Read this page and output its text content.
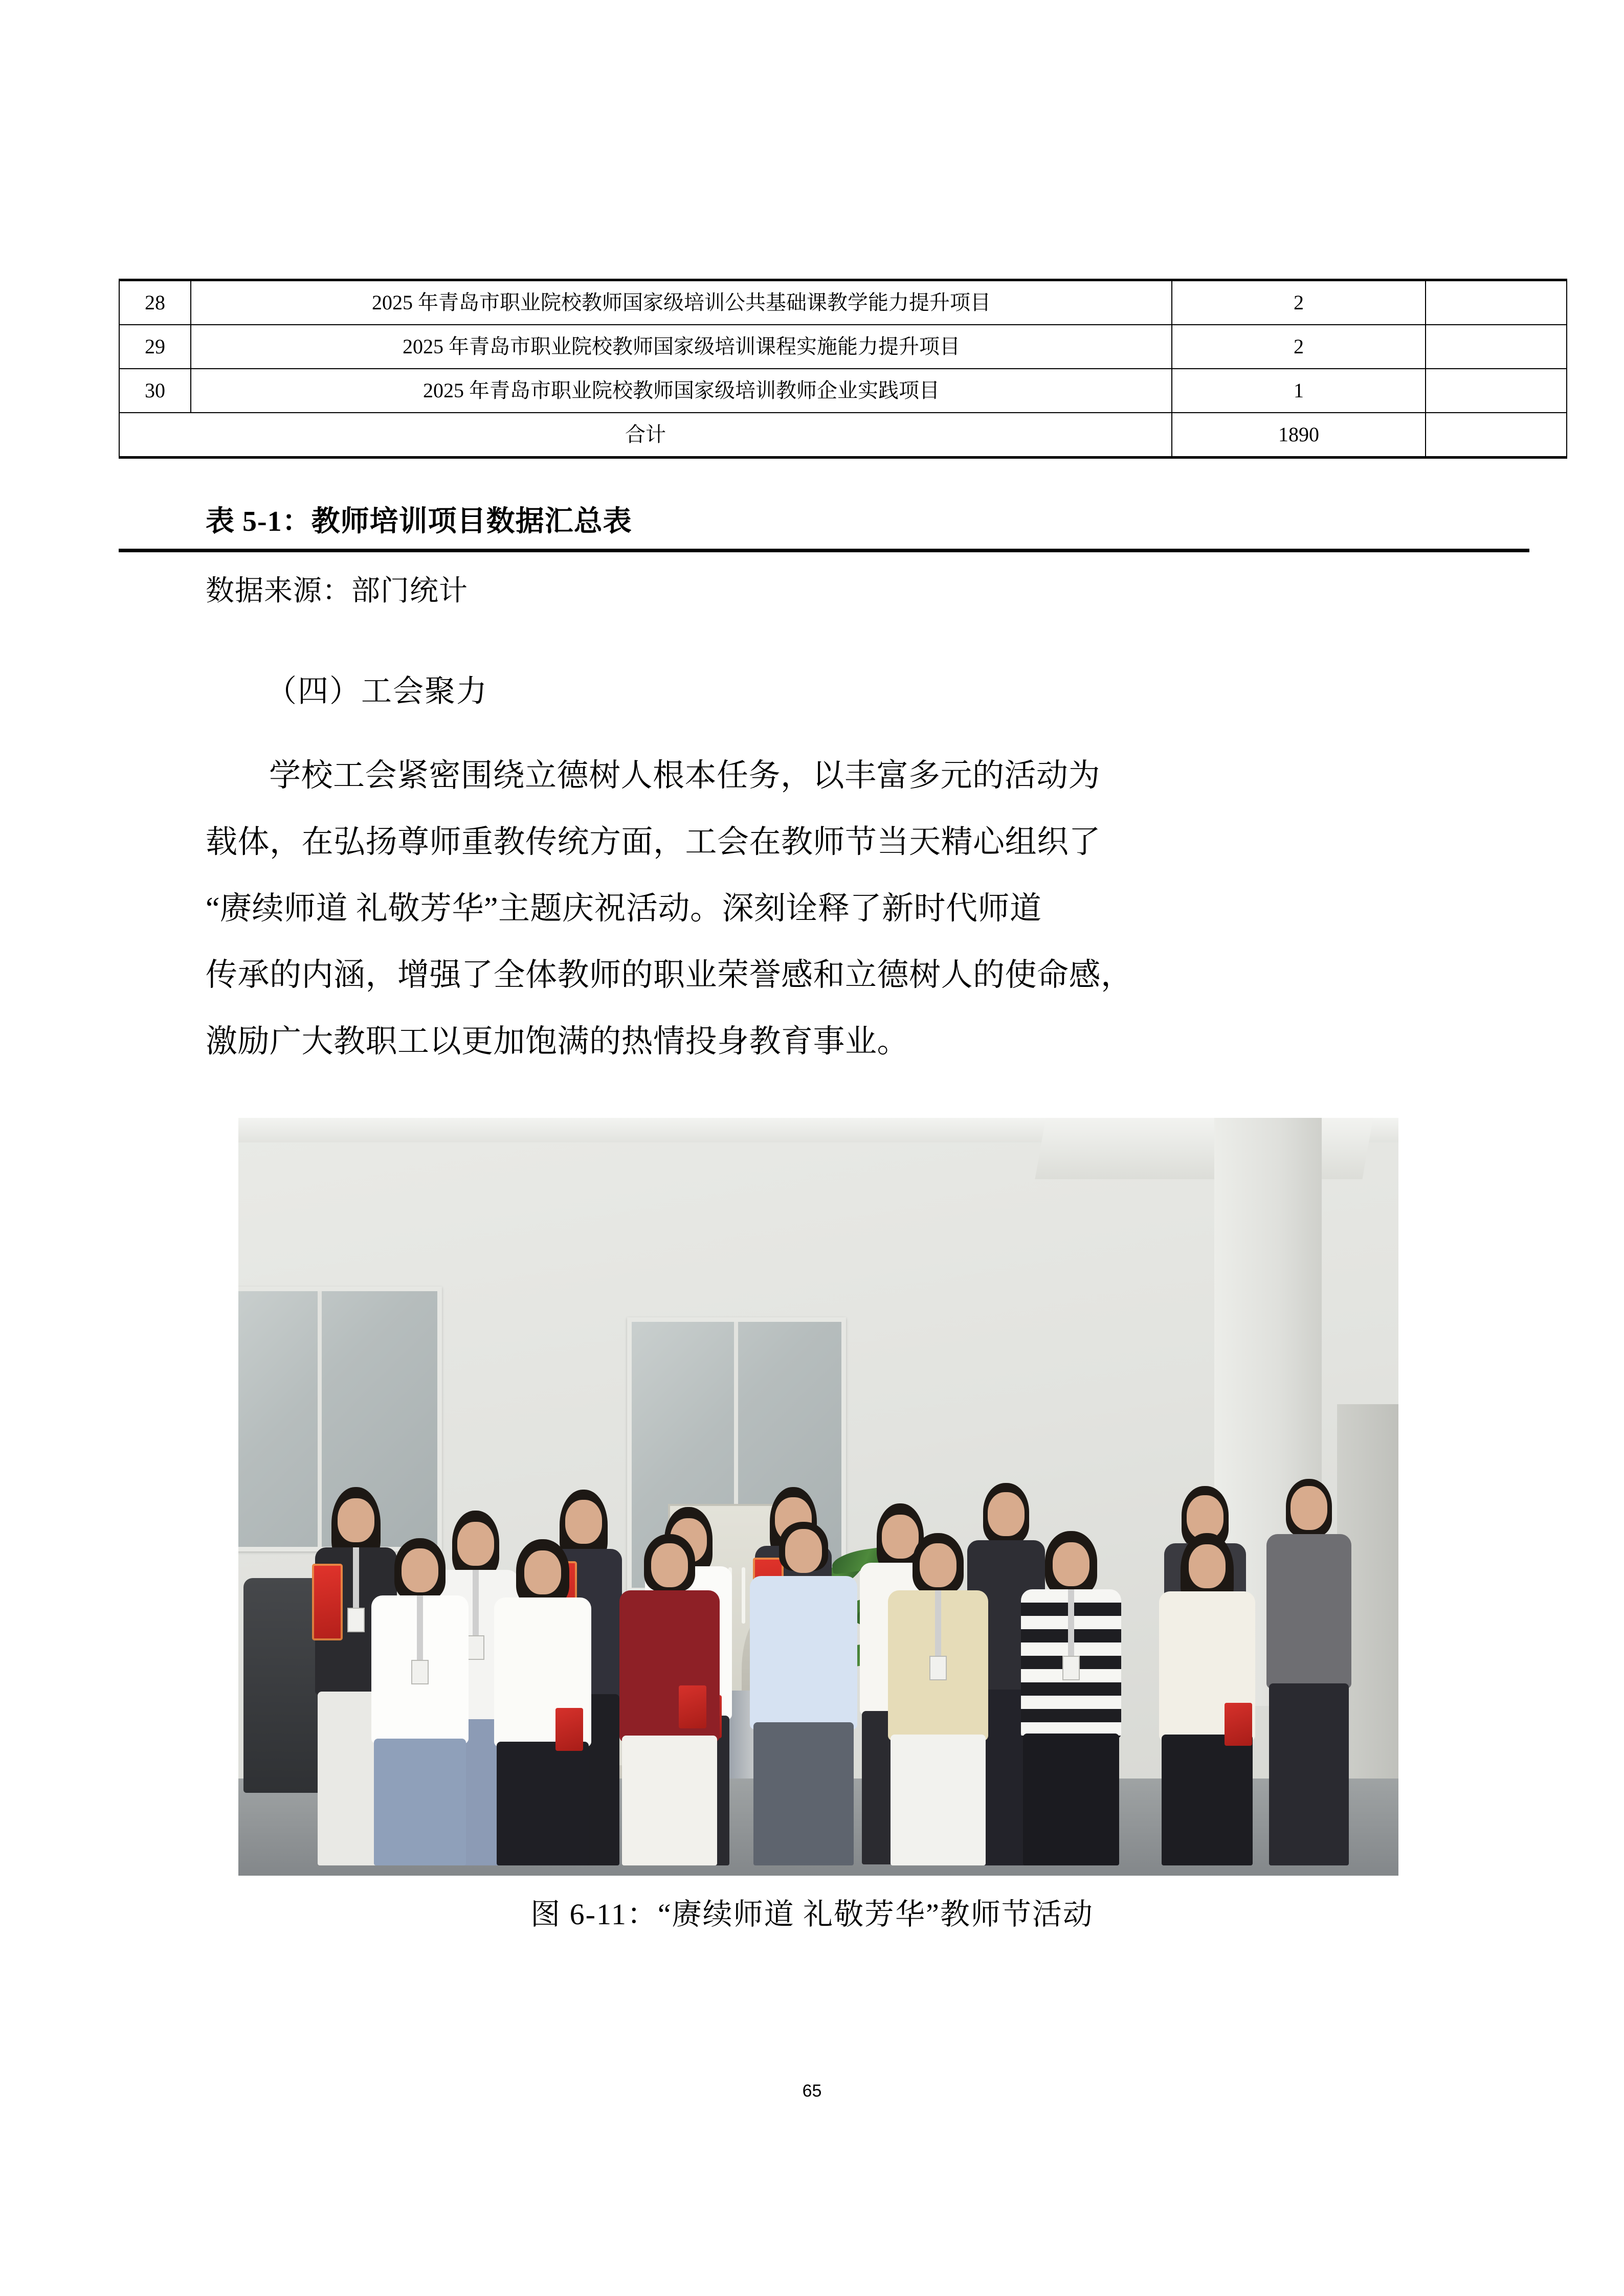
28	2025 年青岛市职业院校教师国家级培训公共基础课教学能力提升项目	2	
29	2025 年青岛市职业院校教师国家级培训课程实施能力提升项目	2	
30	2025 年青岛市职业院校教师国家级培训教师企业实践项目	1	
合计		1890	
表 5-1：教师培训项目数据汇总表
数据来源：部门统计
（四）工会聚力
学校工会紧密围绕立德树人根本任务，以丰富多元的活动为
载体，在弘扬尊师重教传统方面，工会在教师节当天精心组织了
“赓续师道 礼敬芳华”主题庆祝活动。深刻诠释了新时代师道
传承的内涵，增强了全体教师的职业荣誉感和立德树人的使命感，
激励广大教职工以更加饱满的热情投身教育事业。
图 6-11：“赓续师道 礼敬芳华”教师节活动
65
